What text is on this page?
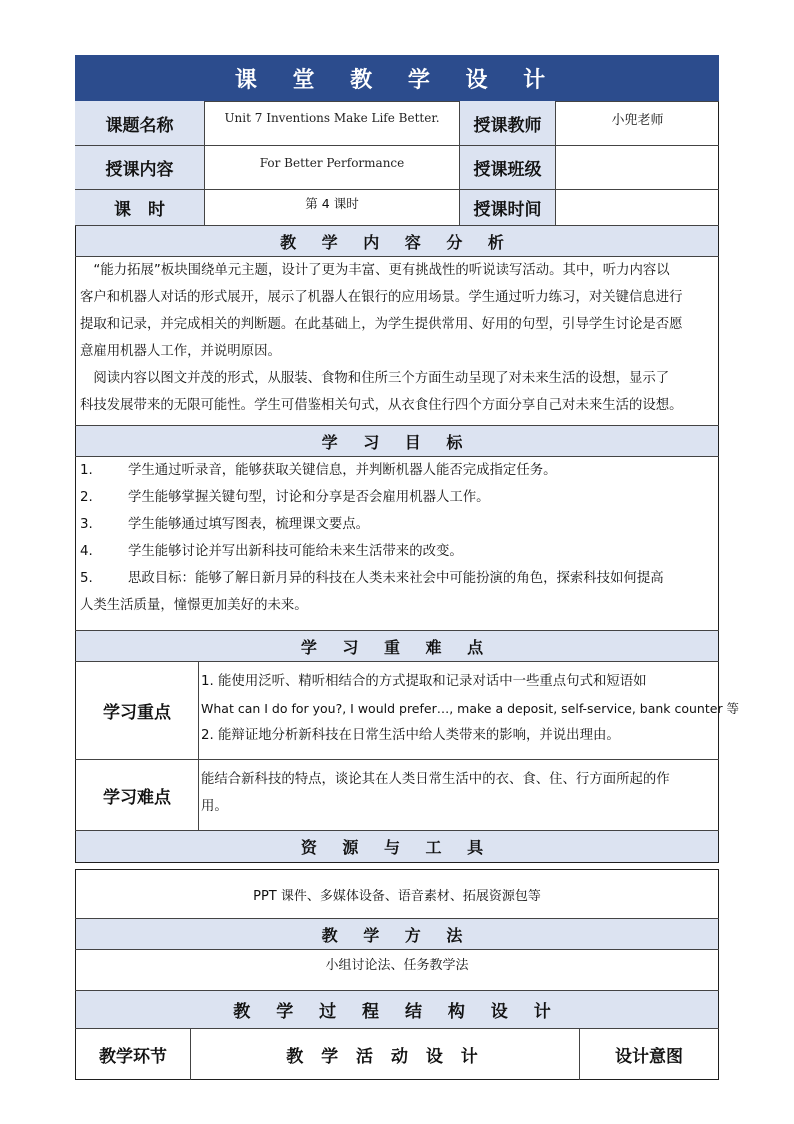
课 堂 教 学 设 计
课题名称	Unit 7 Inventions Make Life Better.	授课教师	小兜老师
授课内容	For Better Performance	授课班级
课　时	第 4 课时	授课时间
教 学 内 容 分 析
　“能力拓展”板块围绕单元主题，设计了更为丰富、更有挑战性的听说读写活动。其中，听力内容以
客户和机器人对话的形式展开，展示了机器人在银行的应用场景。学生通过听力练习，对关键信息进行
提取和记录，并完成相关的判断题。在此基础上，为学生提供常用、好用的句型，引导学生讨论是否愿
意雇用机器人工作，并说明原因。
　阅读内容以图文并茂的形式，从服装、食物和住所三个方面生动呈现了对未来生活的设想，显示了
科技发展带来的无限可能性。学生可借鉴相关句式，从衣食住行四个方面分享自己对未来生活的设想。
学 习 目 标
1.	学生通过听录音，能够获取关键信息，并判断机器人能否完成指定任务。
2.	学生能够掌握关键句型，讨论和分享是否会雇用机器人工作。
3.	学生能够通过填写图表，梳理课文要点。
4.	学生能够讨论并写出新科技可能给未来生活带来的改变。
5.	思政目标：能够了解日新月异的科技在人类未来社会中可能扮演的角色，探索科技如何提高
人类生活质量，憧憬更加美好的未来。
学 习 重 难 点
学习重点
1. 能使用泛听、精听相结合的方式提取和记录对话中一些重点句式和短语如
What can I do for you?, I would prefer…, make a deposit, self-service, bank counter 等
2. 能辩证地分析新科技在日常生活中给人类带来的影响，并说出理由。
学习难点
能结合新科技的特点，谈论其在人类日常生活中的衣、食、住、行方面所起的作
用。
资 源 与 工 具
PPT 课件、多媒体设备、语音素材、拓展资源包等
教 学 方 法
小组讨论法、任务教学法
教 学 过 程 结 构 设 计
教学环节	教 学 活 动 设 计	设计意图
